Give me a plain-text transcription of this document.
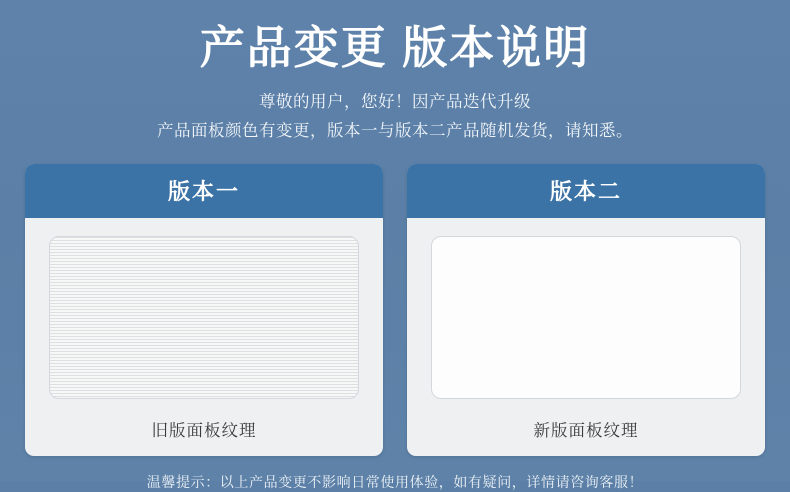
产品变更 版本说明
尊敬的用户，您好！因产品迭代升级
产品面板颜色有变更，版本一与版本二产品随机发货，请知悉。
版本一
旧版面板纹理
版本二
新版面板纹理
温馨提示：以上产品变更不影响日常使用体验，如有疑问，详情请咨询客服！
